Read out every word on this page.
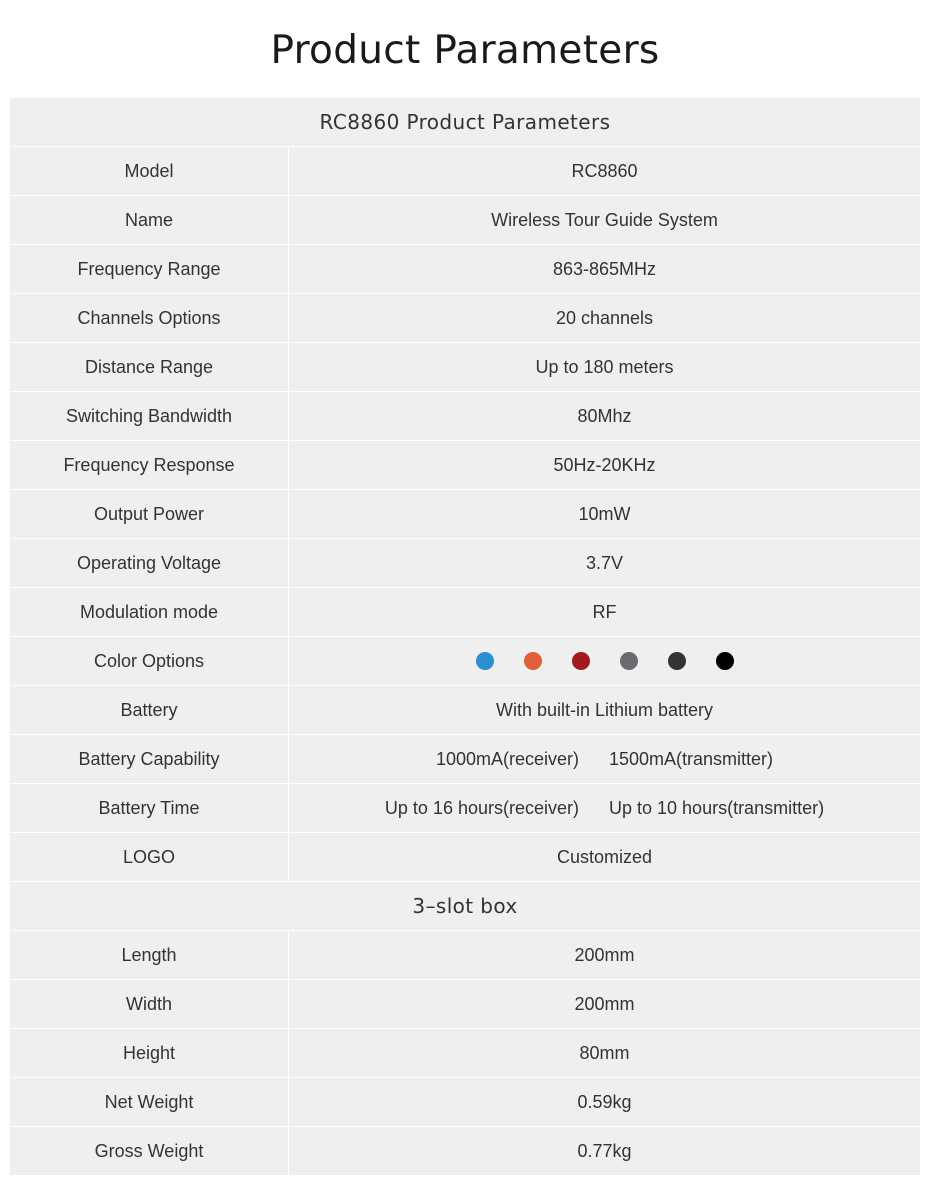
Product Parameters
RC8860 Product Parameters
Model	RC8860
Name	Wireless Tour Guide System
Frequency Range	863-865MHz
Channels Options	20 channels
Distance Range	Up to 180 meters
Switching Bandwidth	80Mhz
Frequency Response	50Hz-20KHz
Output Power	10mW
Operating Voltage	3.7V
Modulation mode	RF
Color Options
Battery	With built-in Lithium battery
Battery Capability	1000mA(receiver) 1500mA(transmitter)
Battery Time	Up to 16 hours(receiver) Up to 10 hours(transmitter)
LOGO	Customized
3–slot box
Length	200mm
Width	200mm
Height	80mm
Net Weight	0.59kg
Gross Weight	0.77kg
